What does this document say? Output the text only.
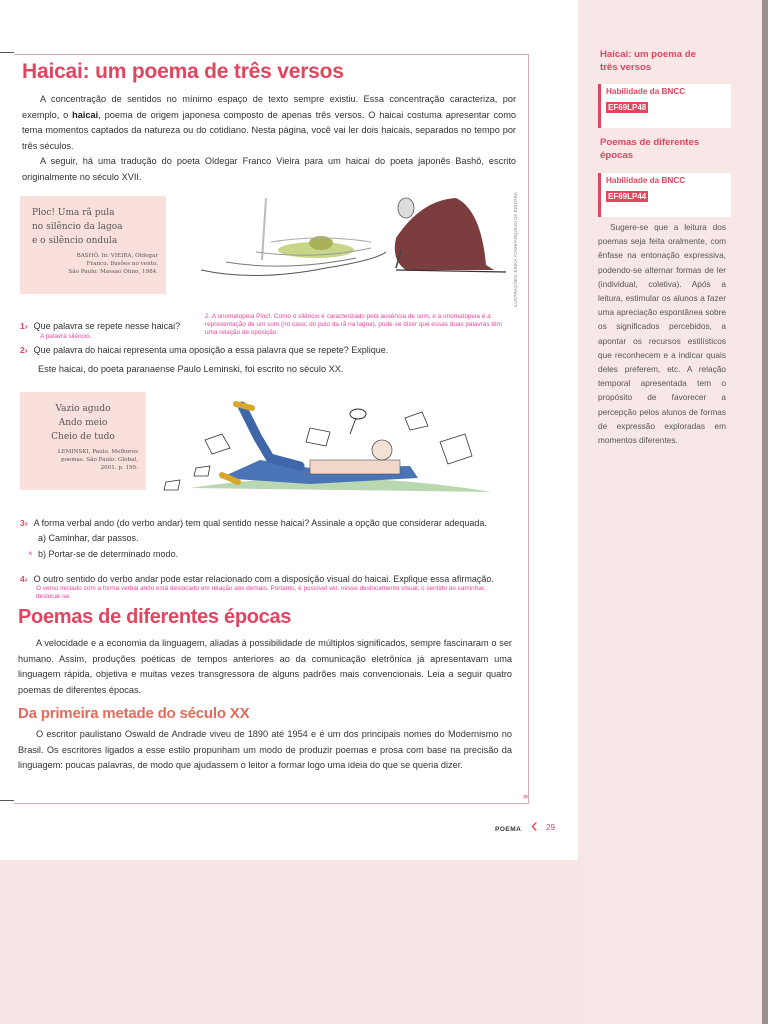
Haicai: um poema de três versos

A concentração de sentidos no mínimo espaço de texto sempre existiu. Essa concentração caracteriza, por exemplo, o haicai, poema de origem japonesa composto de apenas três versos. O haicai costuma apresentar como tema momentos captados da natureza ou do cotidiano. Nesta página, você vai ler dois haicais, separados no tempo por três séculos.

A seguir, há uma tradução do poeta Oldegar Franco Vieira para um haicai do poeta japonês Bashô, escrito originalmente no século XVII.

Ploc! Uma rã pula
no silêncio da lagoa
e o silêncio ondula
BASHÔ. In: VIEIRA, Oldegar
Franco. Ilusões no vento.
São Paulo: Massao Ohno, 1984.	ILUSTRAÇÕES: ERIKA YOSHI/ARQUIVO DA EDITORA
1› Que palavra se repete nesse haicai?
A palavra silêncio.
2. A onomatopeia Ploc!. Como o silêncio é caracterizado pela ausência de som, e a onomatopeia é a representação de um som (no caso, do pulo da rã na lagoa), pode-se dizer que essas duas palavras têm uma relação de oposição.
2› Que palavra do haicai representa uma oposição a essa palavra que se repete? Explique.
Este haicai, do poeta paranaense Paulo Leminski, foi escrito no século XX.
Vazio agudo
Ando meio
Cheio de tudo
LEMINSKI, Paulo. Melhores
poemas. São Paulo: Global,
2001. p. 195.
3› A forma verbal ando (do verbo andar) tem qual sentido nesse haicai? Assinale a opção que considerar adequada.
a) Caminhar, dar passos.
× b) Portar-se de determinado modo.
4› O outro sentido do verbo andar pode estar relacionado com a disposição visual do haicai. Explique essa afirmação.
O verso iniciado com a forma verbal ando está deslocado em relação aos demais. Portanto, é possível ver, nesse deslocamento visual, o sentido de caminhar, deslocar-se.
Poemas de diferentes épocas

A velocidade e a economia da linguagem, aliadas à possibilidade de múltiplos significados, sempre fascinaram o ser humano. Assim, produções poéticas de tempos anteriores ao da comunicação eletrônica já apresentavam uma linguagem rápida, objetiva e muitas vezes transgressora de alguns padrões mais convencionais. Leia a seguir quatro poemas de diferentes épocas.

Da primeira metade do século XX

O escritor paulistano Oswald de Andrade viveu de 1890 até 1954 e é um dos principais nomes do Modernismo no Brasil. Os escritores ligados a esse estilo propunham um modo de produzir poemas e prosa com base na precisão da linguagem: poucas palavras, de modo que ajudassem o leitor a formar logo uma ideia do que se queria dizer.

»
POEMA ‹ 29
Haicai: um poema de três versos
Habilidade da BNCC
EF69LP48
Poemas de diferentes épocas
Habilidade da BNCC
EF69LP44

Sugere-se que a leitura dos poemas seja feita oralmente, com ênfase na entonação expressiva, podendo-se alternar formas de ler (individual, coletiva). Após a leitura, estimular os alunos a fazer uma apreciação espontânea sobre os significados percebidos, a apontar os recursos estilísticos que reconhecem e a indicar quais deles preferem, etc. A relação temporal apresentada tem o propósito de favorecer a percepção pelos alunos de formas de expressão exploradas em momentos diferentes.
